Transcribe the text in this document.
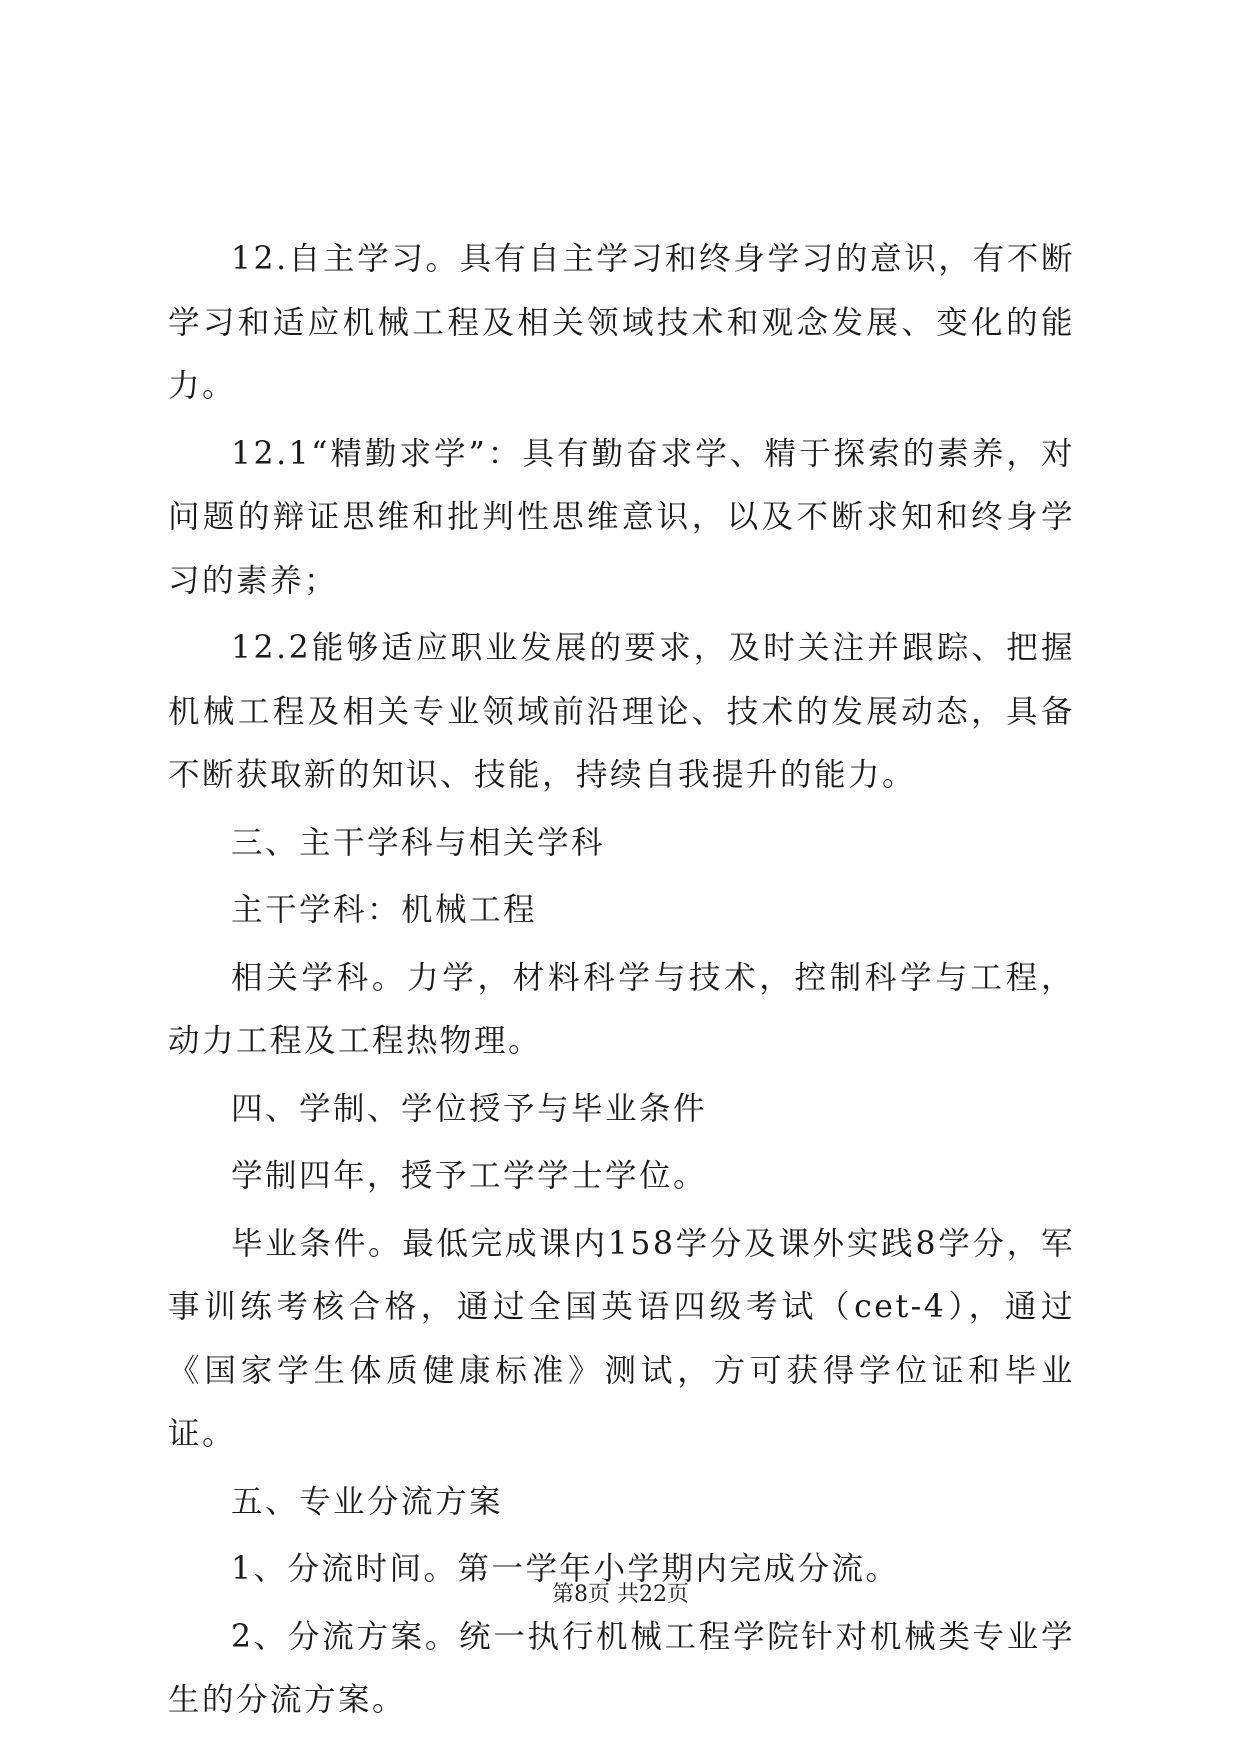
12.自主学习。具有自主学习和终身学习的意识，有不断学习和适应机械工程及相关领域技术和观念发展、变化的能力。

12.1“精勤求学”：具有勤奋求学、精于探索的素养，对问题的辩证思维和批判性思维意识，以及不断求知和终身学习的素养；

12.2能够适应职业发展的要求，及时关注并跟踪、把握机械工程及相关专业领域前沿理论、技术的发展动态，具备不断获取新的知识、技能，持续自我提升的能力。

三、主干学科与相关学科

主干学科：机械工程

相关学科。力学，材料科学与技术，控制科学与工程，动力工程及工程热物理。

四、学制、学位授予与毕业条件

学制四年，授予工学学士学位。

毕业条件。最低完成课内158学分及课外实践8学分，军事训练考核合格，通过全国英语四级考试（cet-4），通过《国家学生体质健康标准》测试，方可获得学位证和毕业证。

五、专业分流方案

1、分流时间。第一学年小学期内完成分流。

2、分流方案。统一执行机械工程学院针对机械类专业学生的分流方案。

第8页 共22页
